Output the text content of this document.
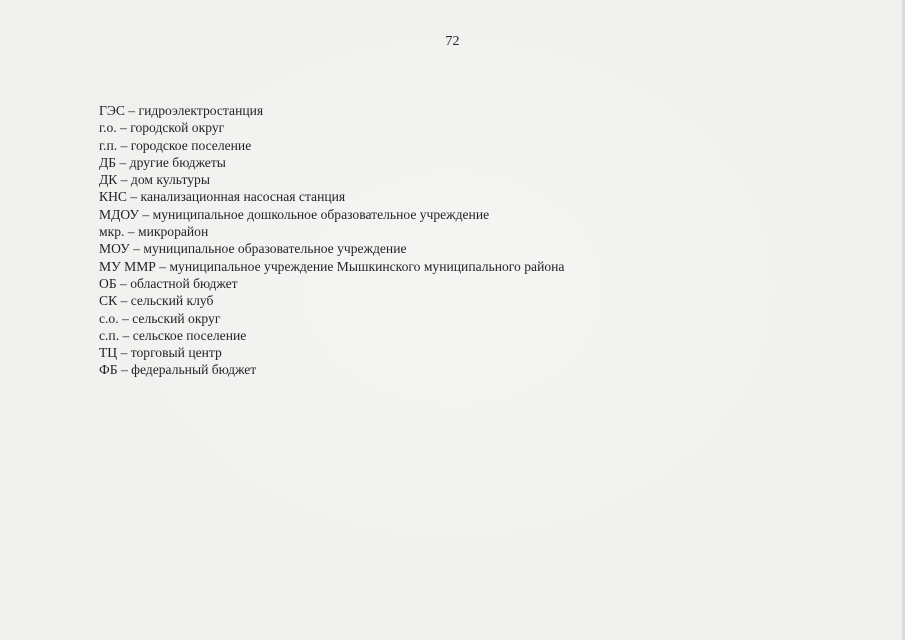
72
ГЭС – гидроэлектростанция
г.о. – городской округ
г.п. – городское поселение
ДБ – другие бюджеты
ДК – дом культуры
КНС – канализационная насосная станция
МДОУ – муниципальное дошкольное образовательное учреждение
мкр. – микрорайон
МОУ – муниципальное образовательное учреждение
МУ ММР – муниципальное учреждение Мышкинского муниципального района
ОБ – областной бюджет
СК – сельский клуб
с.о. – сельский округ
с.п. – сельское поселение
ТЦ – торговый центр
ФБ – федеральный бюджет
